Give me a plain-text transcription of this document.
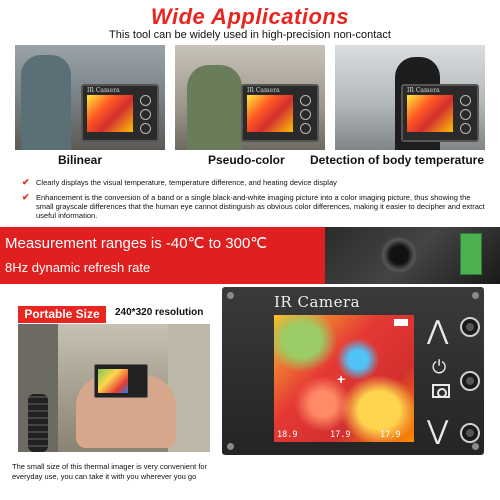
Wide Applications
This tool can be widely used in high-precision non-contact
IR Camera	IR Camera	IR Camera
Bilinear	Pseudo-color Detection of body temperature
✔ Clearly displays the visual temperature, temperature difference, and heating device display
✔ Enhancement is the conversion of a band or a single black-and-white imaging picture into a color imaging picture, thus showing the small grayscale differences that the human eye cannot distinguish as obvious color differences, making it easier to decipher and extract useful information.
Measurement ranges is -40℃ to 300℃
8Hz dynamic refresh rate
Portable Size	240*320 resolution
The small size of this thermal imager is very convenient for everyday use, you can take it with you wherever you go
IR Camera
+
18.9	17.9	17.9
⋀
⏻
⋁
